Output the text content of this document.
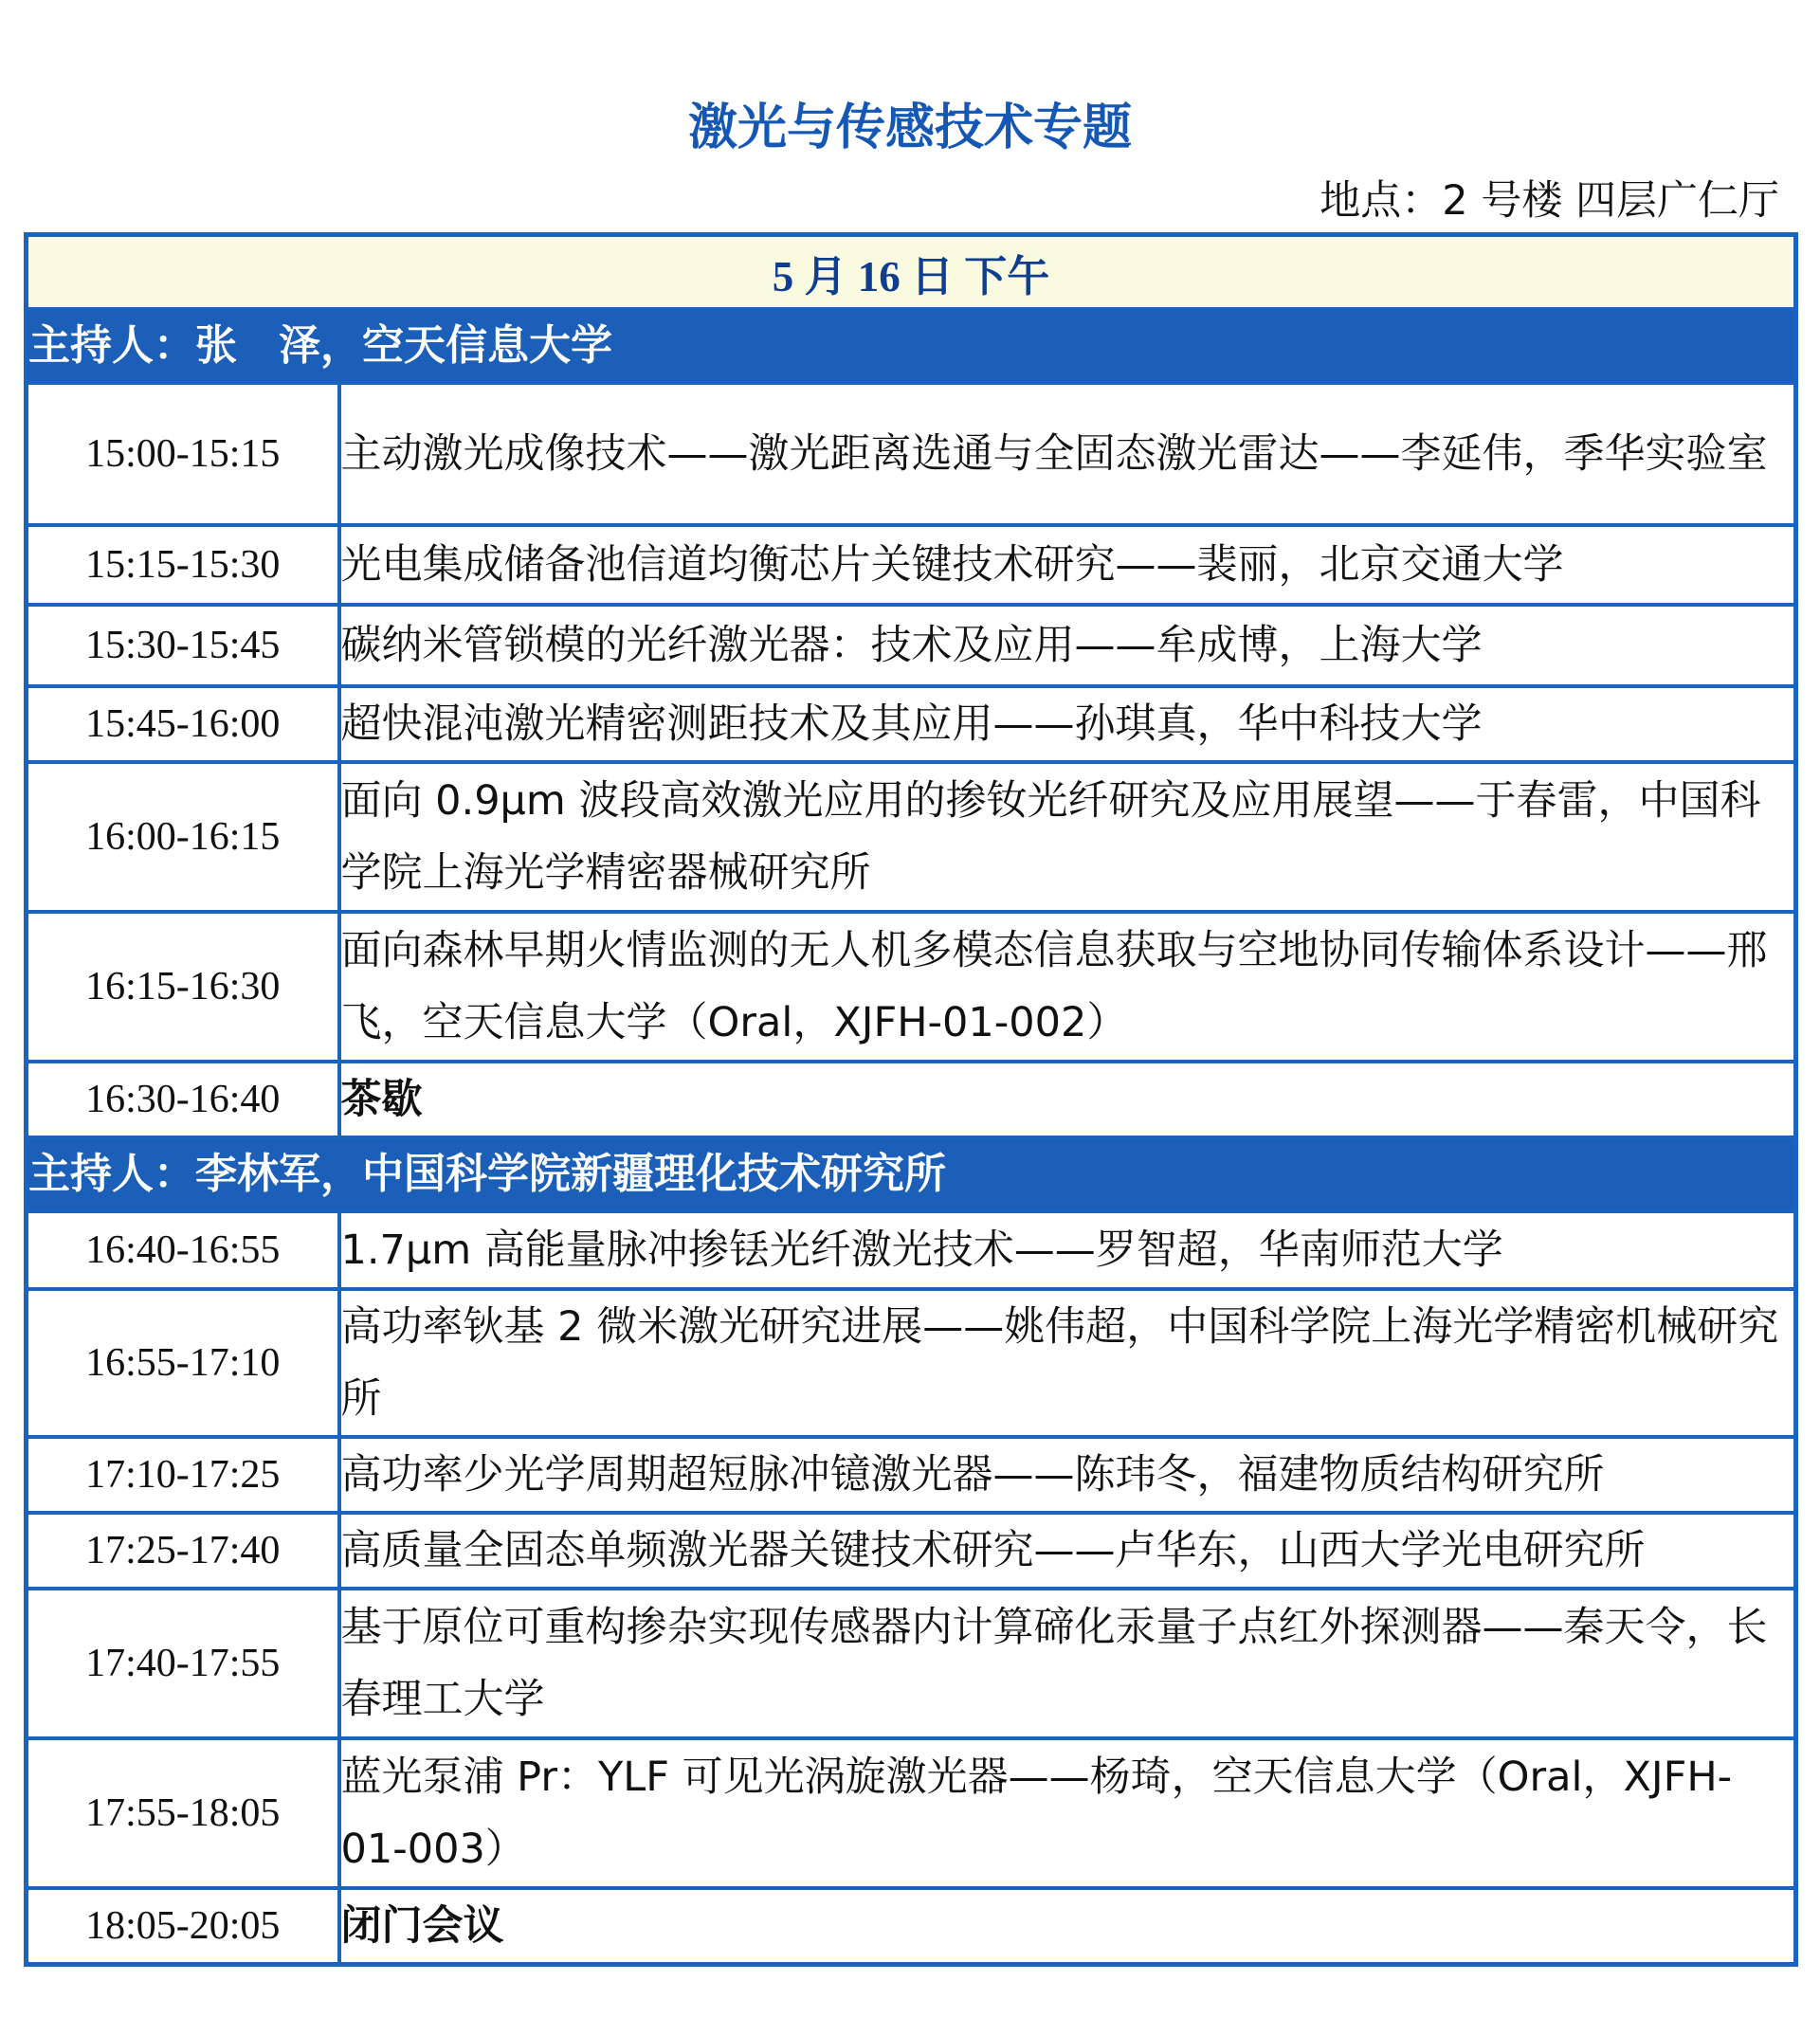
激光与传感技术专题
地点：2 号楼 四层广仁厅
5 月 16 日 下午	
主持人：张　泽，空天信息大学	
15:00-15:15	主动激光成像技术——激光距离选通与全固态激光雷达——李延伟，季华实验室
15:15-15:30	光电集成储备池信道均衡芯片关键技术研究——裴丽，北京交通大学
15:30-15:45	碳纳米管锁模的光纤激光器：技术及应用——牟成博，上海大学
15:45-16:00	超快混沌激光精密测距技术及其应用——孙琪真，华中科技大学
16:00-16:15	面向 0.9μm 波段高效激光应用的掺钕光纤研究及应用展望——于春雷，中国科学院上海光学精密器械研究所
16:15-16:30	面向森林早期火情监测的无人机多模态信息获取与空地协同传输体系设计——邢飞，空天信息大学（Oral，XJFH-01-002）
16:30-16:40	茶歇
主持人：李林军，中国科学院新疆理化技术研究所	
16:40-16:55	1.7μm 高能量脉冲掺铥光纤激光技术——罗智超，华南师范大学
16:55-17:10	高功率钬基 2 微米激光研究进展——姚伟超，中国科学院上海光学精密机械研究所
17:10-17:25	高功率少光学周期超短脉冲镱激光器——陈玮冬，福建物质结构研究所
17:25-17:40	高质量全固态单频激光器关键技术研究——卢华东，山西大学光电研究所
17:40-17:55	基于原位可重构掺杂实现传感器内计算碲化汞量子点红外探测器——秦天令，长春理工大学
17:55-18:05	蓝光泵浦 Pr：YLF 可见光涡旋激光器——杨琦，空天信息大学（Oral，XJFH-01-003）
18:05-20:05	闭门会议
